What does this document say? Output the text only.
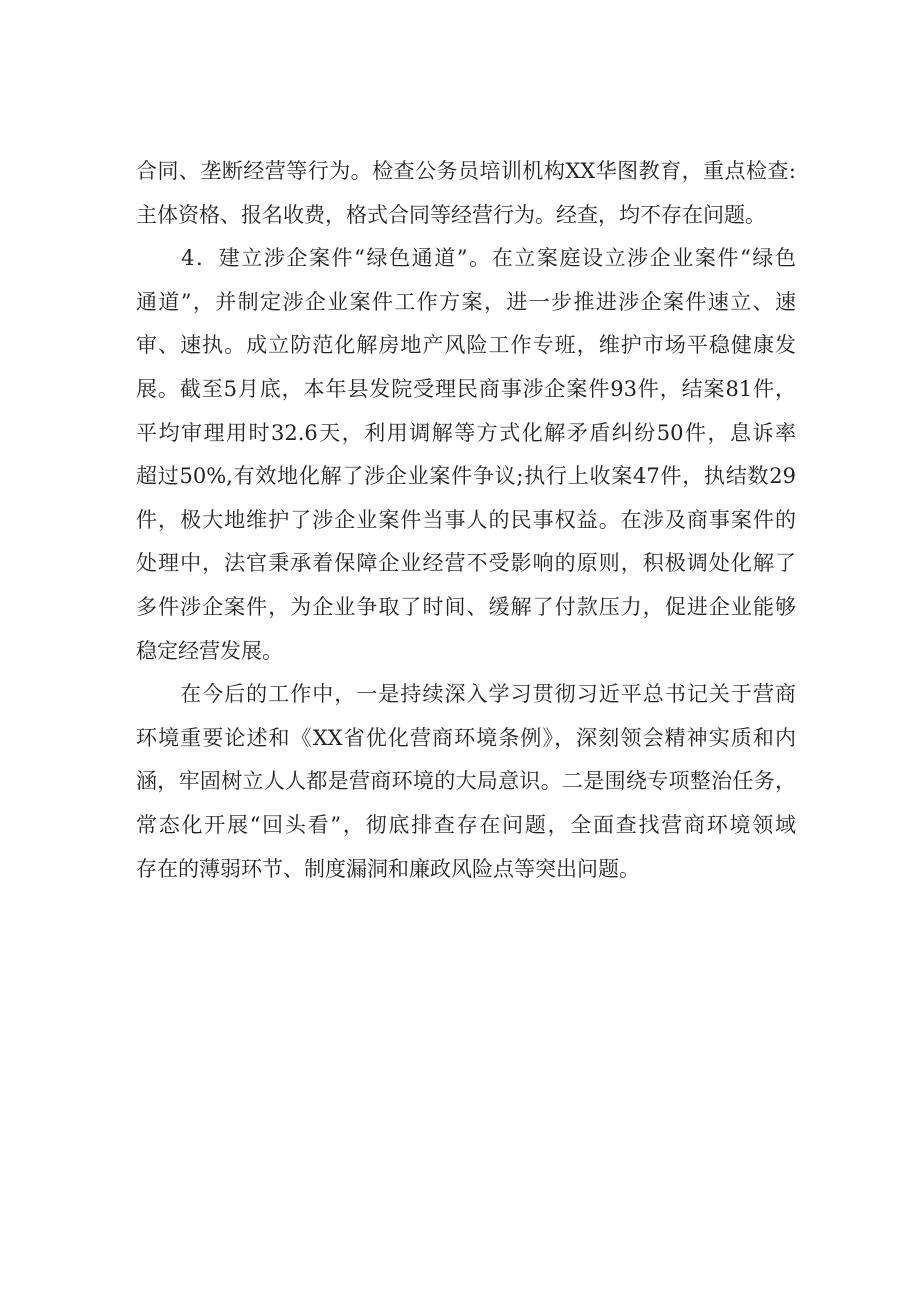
合同、垄断经营等行为。检查公务员培训机构XX华图教育，重点检查:
主体资格、报名收费，格式合同等经营行为。经查，均不存在问题。
　　4．建立涉企案件“绿色通道”。在立案庭设立涉企业案件“绿色
通道”，并制定涉企业案件工作方案，进一步推进涉企案件速立、速
审、速执。成立防范化解房地产风险工作专班，维护市场平稳健康发
展。截至5月底，本年县发院受理民商事涉企案件93件，结案81件，
平均审理用时32.6天，利用调解等方式化解矛盾纠纷50件，息诉率
超过50%,有效地化解了涉企业案件争议;执行上收案47件，执结数29
件，极大地维护了涉企业案件当事人的民事权益。在涉及商事案件的
处理中，法官秉承着保障企业经营不受影响的原则，积极调处化解了
多件涉企案件，为企业争取了时间、缓解了付款压力，促进企业能够
稳定经营发展。
　　在今后的工作中，一是持续深入学习贯彻习近平总书记关于营商
环境重要论述和《XX省优化营商环境条例》，深刻领会精神实质和内
涵，牢固树立人人都是营商环境的大局意识。二是围绕专项整治任务，
常态化开展“回头看”，彻底排查存在问题，全面查找营商环境领域
存在的薄弱环节、制度漏洞和廉政风险点等突出问题。
